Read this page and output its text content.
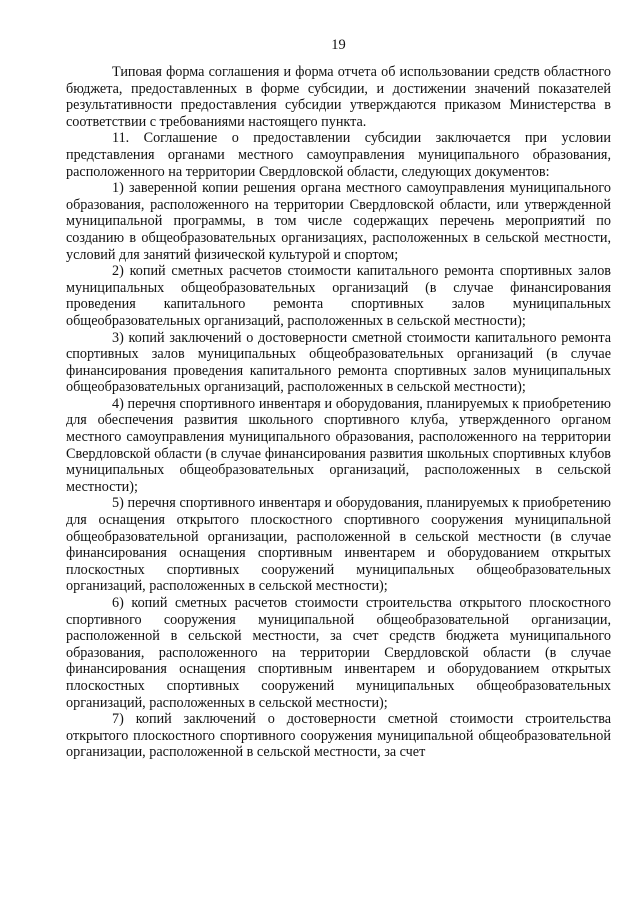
19

Типовая форма соглашения и форма отчета об использовании средств областного бюджета, предоставленных в форме субсидии, и достижении значений показателей результативности предоставления субсидии утверждаются приказом Министерства в соответствии с требованиями настоящего пункта.

11. Соглашение о предоставлении субсидии заключается при условии представления органами местного самоуправления муниципального образования, расположенного на территории Свердловской области, следующих документов:

1) заверенной копии решения органа местного самоуправления муниципального образования, расположенного на территории Свердловской области, или утвержденной муниципальной программы, в том числе содержащих перечень мероприятий по созданию в общеобразовательных организациях, расположенных в сельской местности, условий для занятий физической культурой и спортом;

2) копий сметных расчетов стоимости капитального ремонта спортивных залов муниципальных общеобразовательных организаций (в случае финансирования проведения капитального ремонта спортивных залов муниципальных общеобразовательных организаций, расположенных в сельской местности);

3) копий заключений о достоверности сметной стоимости капитального ремонта спортивных залов муниципальных общеобразовательных организаций (в случае финансирования проведения капитального ремонта спортивных залов муниципальных общеобразовательных организаций, расположенных в сельской местности);

4) перечня спортивного инвентаря и оборудования, планируемых к приобретению для обеспечения развития школьного спортивного клуба, утвержденного органом местного самоуправления муниципального образования, расположенного на территории Свердловской области (в случае финансирования развития школьных спортивных клубов муниципальных общеобразовательных организаций, расположенных в сельской местности);

5) перечня спортивного инвентаря и оборудования, планируемых к приобретению для оснащения открытого плоскостного спортивного сооружения муниципальной общеобразовательной организации, расположенной в сельской местности (в случае финансирования оснащения спортивным инвентарем и оборудованием открытых плоскостных спортивных сооружений муниципальных общеобразовательных организаций, расположенных в сельской местности);

6) копий сметных расчетов стоимости строительства открытого плоскостного спортивного сооружения муниципальной общеобразовательной организации, расположенной в сельской местности, за счет средств бюджета муниципального образования, расположенного на территории Свердловской области (в случае финансирования оснащения спортивным инвентарем и оборудованием открытых плоскостных спортивных сооружений муниципальных общеобразовательных организаций, расположенных в сельской местности);

7) копий заключений о достоверности сметной стоимости строительства открытого плоскостного спортивного сооружения муниципальной общеобразовательной организации, расположенной в сельской местности, за счет
